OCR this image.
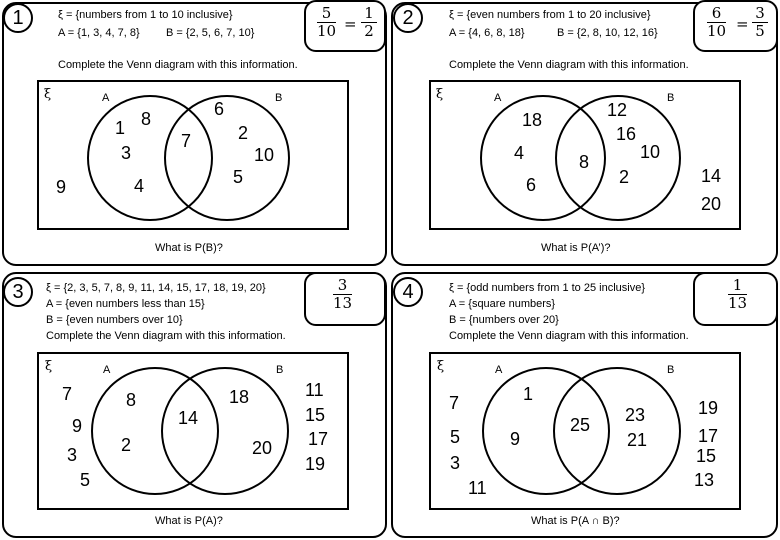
1	ξ = {numbers from 1 to 10 inclusive}
A = {1, 3, 4, 7, 8} B = {2, 5, 6, 7, 10}
Complete the Venn diagram with this information.
5
10 =
1
2
ξ	A	B
1 8
3
4
7
6
2
10
5
9
What is P(B)?
2	ξ = {even numbers from 1 to 20 inclusive}
A = {4, 6, 8, 18}	B = {2, 8, 10, 12, 16}
Complete the Venn diagram with this information.
6
10 =
3
5
ξ	A	B
18
4
6
8
12
16
10
2	14
20
What is P(A’)?
3	ξ = {2, 3, 5, 7, 8, 9, 11, 14, 15, 17, 18, 19, 20}
A = {even numbers less than 15}
B = {even numbers over 10}
Complete the Venn diagram with this information.
3
13
ξ	A	B
8
2
14
18
20
7
9
3
5
11
15
17
19
What is P(A)?
4	ξ = {odd numbers from 1 to 25 inclusive}
A = {square numbers}
B = {numbers over 20}
Complete the Venn diagram with this information.
1
13
ξ	A	B
1
9
25 23
21
7
5
3
11
19
17
15
13
What is P(A ∩ B)?
